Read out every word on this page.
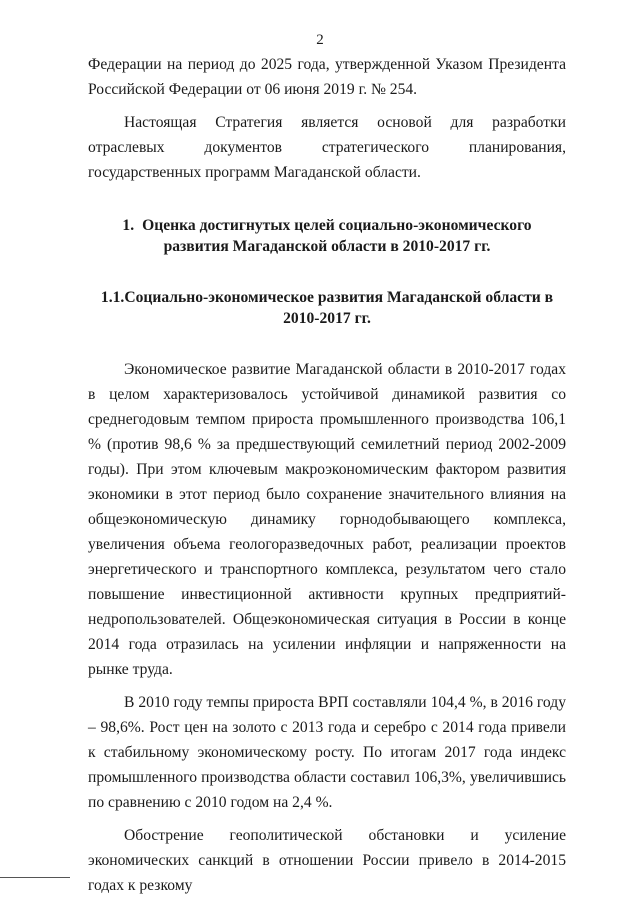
2

Федерации на период до 2025 года, утвержденной Указом Президента Российской Федерации от 06 июня 2019 г. № 254.

Настоящая Стратегия является основой для разработки отраслевых документов стратегического планирования, государственных программ Магаданской области.

1. Оценка достигнутых целей социально-экономического развития Магаданской области в 2010-2017 гг.
1.1.Социально-экономическое развития Магаданской области в 2010-2017 гг.

Экономическое развитие Магаданской области в 2010-2017 годах в целом характеризовалось устойчивой динамикой развития со среднегодовым темпом прироста промышленного производства 106,1 % (против 98,6 % за предшествующий семилетний период 2002-2009 годы). При этом ключевым макроэкономическим фактором развития экономики в этот период было сохранение значительного влияния на общеэкономическую динамику горнодобывающего комплекса, увеличения объема геологоразведочных работ, реализации проектов энергетического и транспортного комплекса, результатом чего стало повышение инвестиционной активности крупных предприятий-недропользователей. Общеэкономическая ситуация в России в конце 2014 года отразилась на усилении инфляции и напряженности на рынке труда.

В 2010 году темпы прироста ВРП составляли 104,4 %, в 2016 году – 98,6%. Рост цен на золото с 2013 года и серебро с 2014 года привели к стабильному экономическому росту. По итогам 2017 года индекс промышленного производства области составил 106,3%, увеличившись по сравнению с 2010 годом на 2,4 %.

Обострение геополитической обстановки и усиление экономических санкций в отношении России привело в 2014-2015 годах к резкому
